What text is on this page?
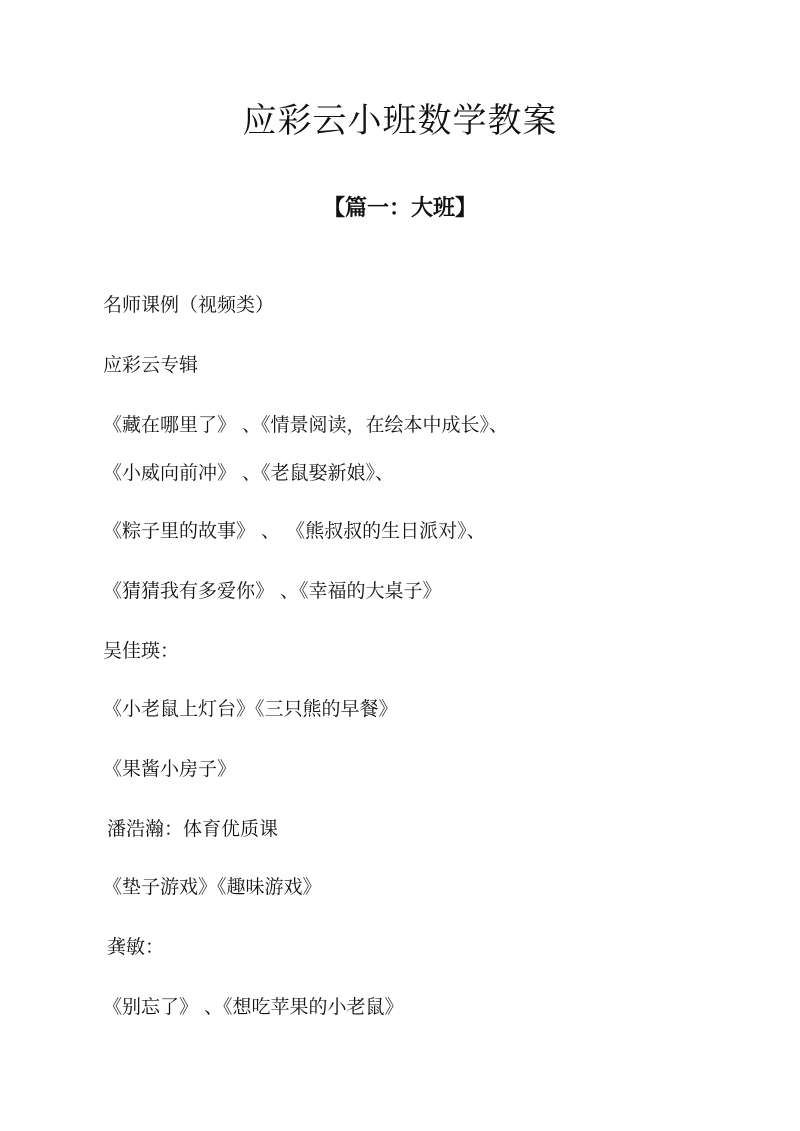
应彩云小班数学教案
【篇一：大班】

名师课例（视频类）

应彩云专辑

《藏在哪里了》 、《情景阅读，在绘本中成长》、

《小威向前冲》 、《老鼠娶新娘》、

《粽子里的故事》 、 《熊叔叔的生日派对》、

《猜猜我有多爱你》 、《幸福的大桌子》

吴佳瑛：

《小老鼠上灯台》《三只熊的早餐》

《果酱小房子》

潘浩瀚：体育优质课

《垫子游戏》《趣味游戏》

龚敏：

《别忘了》 、《想吃苹果的小老鼠》
